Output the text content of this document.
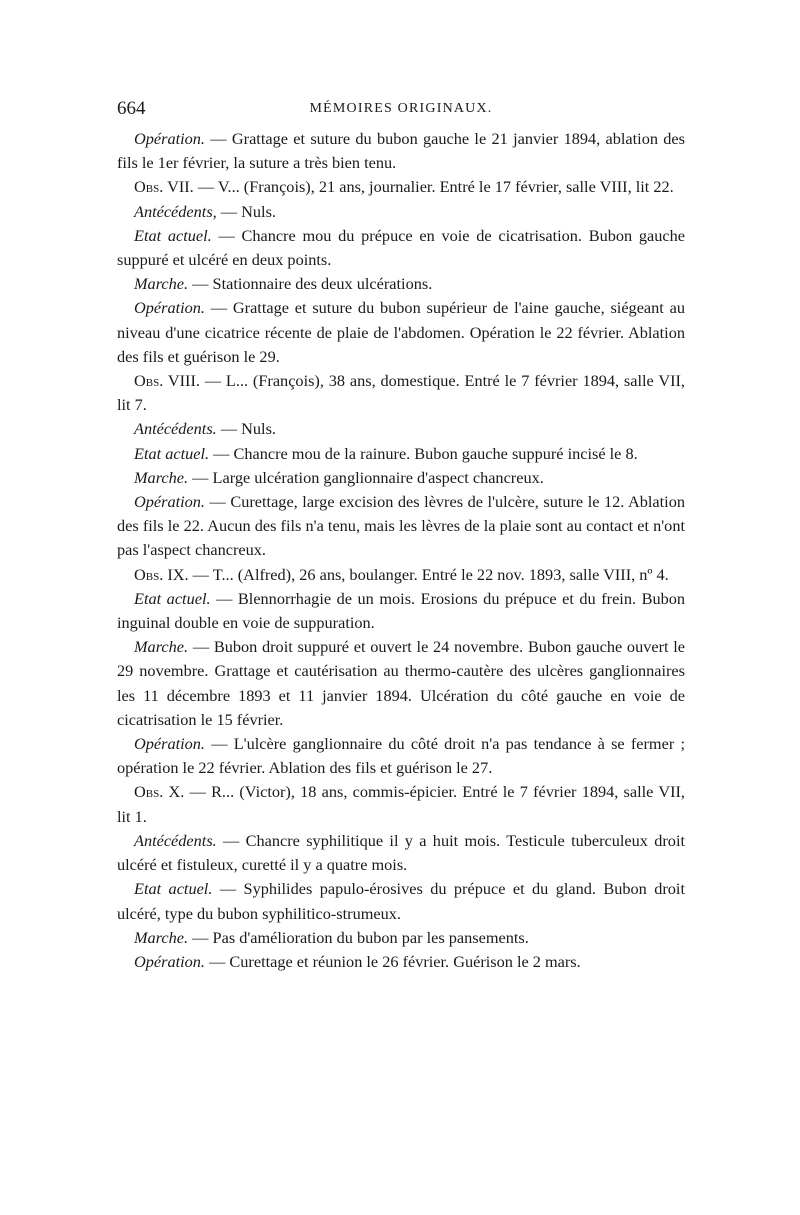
664	MÉMOIRES ORIGINAUX.

Opération. — Grattage et suture du bubon gauche le 21 janvier 1894, ablation des fils le 1er février, la suture a très bien tenu.

Obs. VII. — V... (François), 21 ans, journalier. Entré le 17 février, salle VIII, lit 22.

Antécédents, — Nuls.

Etat actuel. — Chancre mou du prépuce en voie de cicatrisation. Bubon gauche suppuré et ulcéré en deux points.

Marche. — Stationnaire des deux ulcérations.

Opération. — Grattage et suture du bubon supérieur de l'aine gauche, siégeant au niveau d'une cicatrice récente de plaie de l'abdomen. Opération le 22 février. Ablation des fils et guérison le 29.

Obs. VIII. — L... (François), 38 ans, domestique. Entré le 7 février 1894, salle VII, lit 7.

Antécédents. — Nuls.

Etat actuel. — Chancre mou de la rainure. Bubon gauche suppuré incisé le 8.

Marche. — Large ulcération ganglionnaire d'aspect chancreux.

Opération. — Curettage, large excision des lèvres de l'ulcère, suture le 12. Ablation des fils le 22. Aucun des fils n'a tenu, mais les lèvres de la plaie sont au contact et n'ont pas l'aspect chancreux.

Obs. IX. — T... (Alfred), 26 ans, boulanger. Entré le 22 nov. 1893, salle VIII, nº 4.

Etat actuel. — Blennorrhagie de un mois. Erosions du prépuce et du frein. Bubon inguinal double en voie de suppuration.

Marche. — Bubon droit suppuré et ouvert le 24 novembre. Bubon gauche ouvert le 29 novembre. Grattage et cautérisation au thermo-cautère des ulcères ganglionnaires les 11 décembre 1893 et 11 janvier 1894. Ulcération du côté gauche en voie de cicatrisation le 15 février.

Opération. — L'ulcère ganglionnaire du côté droit n'a pas tendance à se fermer ; opération le 22 février. Ablation des fils et guérison le 27.

Obs. X. — R... (Victor), 18 ans, commis-épicier. Entré le 7 février 1894, salle VII, lit 1.

Antécédents. — Chancre syphilitique il y a huit mois. Testicule tuberculeux droit ulcéré et fistuleux, curetté il y a quatre mois.

Etat actuel. — Syphilides papulo-érosives du prépuce et du gland. Bubon droit ulcéré, type du bubon syphilitico-strumeux.

Marche. — Pas d'amélioration du bubon par les pansements.

Opération. — Curettage et réunion le 26 février. Guérison le 2 mars.
